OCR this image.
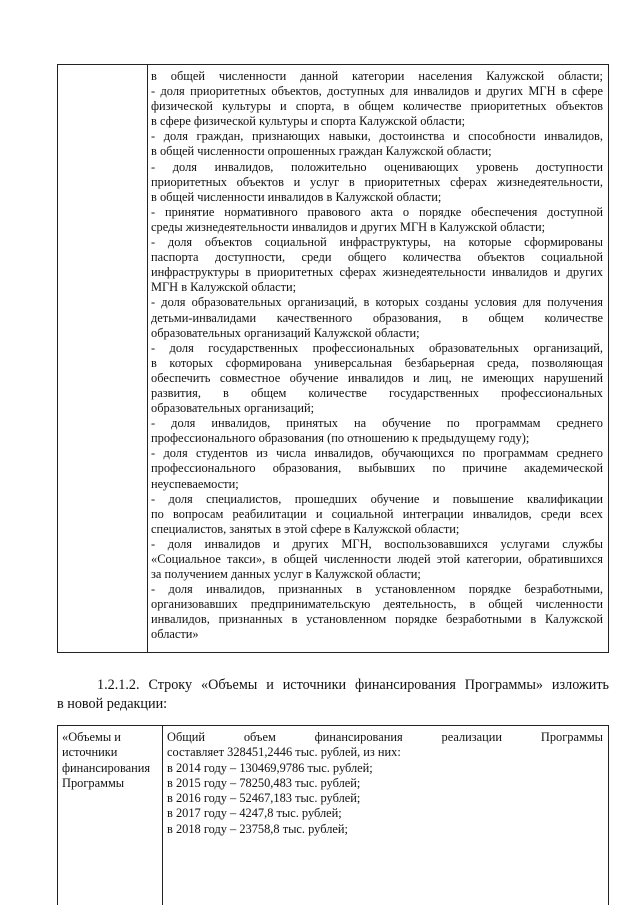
в общей численности данной категории населения Калужской области;

- доля приоритетных объектов, доступных для инвалидов и других МГН в сфере

физической культуры и спорта, в общем количестве приоритетных объектов

в сфере физической культуры и спорта Калужской области;

- доля граждан, признающих навыки, достоинства и способности инвалидов,

в общей численности опрошенных граждан Калужской области;

- доля инвалидов, положительно оценивающих уровень доступности

приоритетных объектов и услуг в приоритетных сферах жизнедеятельности,

в общей численности инвалидов в Калужской области;

- принятие нормативного правового акта о порядке обеспечения доступной

среды жизнедеятельности инвалидов и других МГН в Калужской области;

- доля объектов социальной инфраструктуры, на которые сформированы

паспорта доступности, среди общего количества объектов социальной

инфраструктуры в приоритетных сферах жизнедеятельности инвалидов и других

МГН в Калужской области;

- доля образовательных организаций, в которых созданы условия для получения

детьми-инвалидами качественного образования, в общем количестве

образовательных организаций Калужской области;

- доля государственных профессиональных образовательных организаций,

в которых сформирована универсальная безбарьерная среда, позволяющая

обеспечить совместное обучение инвалидов и лиц, не имеющих нарушений

развития, в общем количестве государственных профессиональных

образовательных организаций;

- доля инвалидов, принятых на обучение по программам среднего

профессионального образования (по отношению к предыдущему году);

- доля студентов из числа инвалидов, обучающихся по программам среднего

профессионального образования, выбывших по причине академической

неуспеваемости;

- доля специалистов, прошедших обучение и повышение квалификации

по вопросам реабилитации и социальной интеграции инвалидов, среди всех

специалистов, занятых в этой сфере в Калужской области;

- доля инвалидов и других МГН, воспользовавшихся услугами службы

«Социальное такси», в общей численности людей этой категории, обратившихся

за получением данных услуг в Калужской области;

- доля инвалидов, признанных в установленном порядке безработными,

организовавших предпринимательскую деятельность, в общей численности

инвалидов, признанных в установленном порядке безработными в Калужской

области»

1.2.1.2. Строку «Объемы и источники финансирования Программы» изложить

в новой редакции:

«Объемы и
источники
финансирования
Программы

Общий объем финансирования реализации Программы

составляет 328451,2446 тыс. рублей, из них:

в 2014 году – 130469,9786 тыс. рублей;

в 2015 году – 78250,483 тыс. рублей;

в 2016 году – 52467,183 тыс. рублей;

в 2017 году – 4247,8 тыс. рублей;

в 2018 году – 23758,8 тыс. рублей;
